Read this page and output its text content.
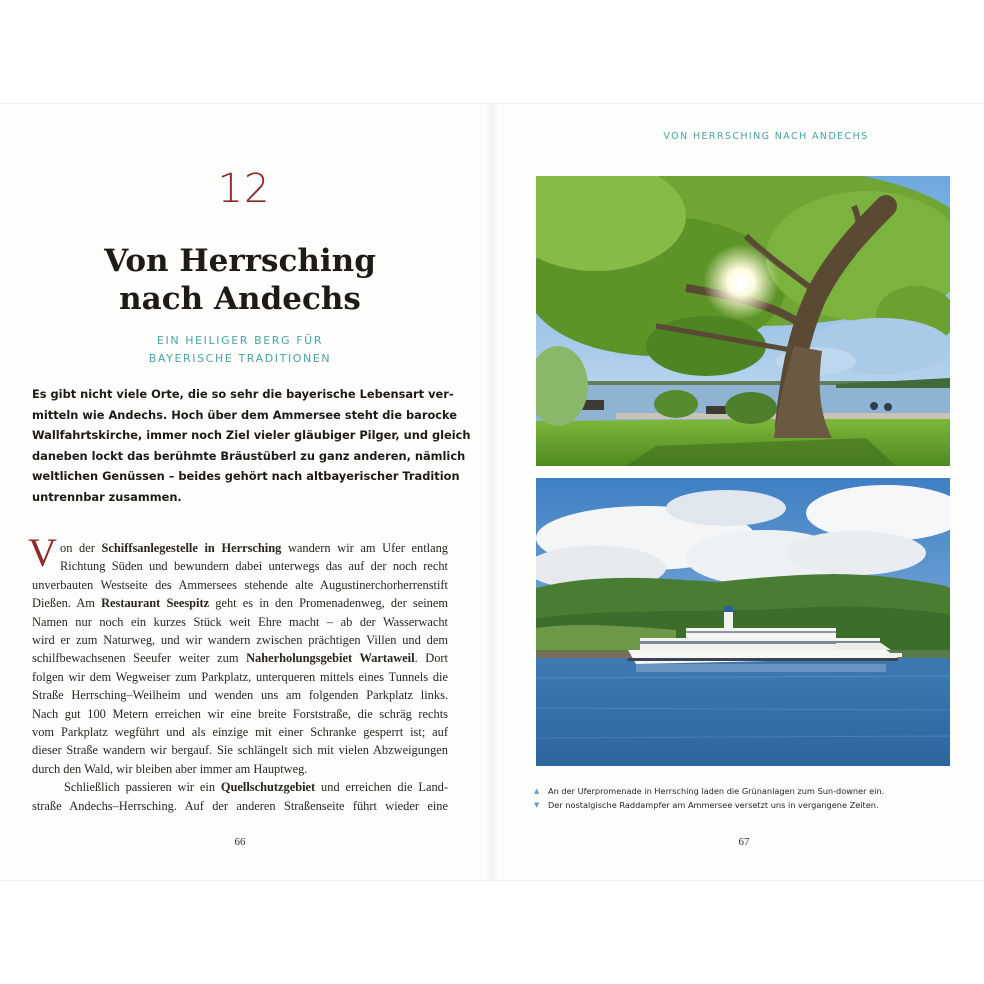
12
Von Herrsching
nach Andechs
EIN HEILIGER BERG FÜR
BAYERISCHE TRADITIONEN
Es gibt nicht viele Orte, die so sehr die bayerische Lebensart ver-
mitteln wie Andechs. Hoch über dem Ammersee steht die barocke
Wallfahrtskirche, immer noch Ziel vieler gläubiger Pilger, und gleich
daneben lockt das berühmte Bräustüberl zu ganz anderen, nämlich
weltlichen Genüssen – beides gehört nach altbayerischer Tradition
untrennbar zusammen.
V on der Schiffsanlegestelle in Herrsching wandern wir am Ufer entlang
Richtung Süden und bewundern dabei unterwegs das auf der noch recht
unverbauten Westseite des Ammersees stehende alte Augustinerchorherrenstift
Dießen. Am Restaurant Seespitz geht es in den Promenadenweg, der seinem
Namen nur noch ein kurzes Stück weit Ehre macht – ab der Wasserwacht
wird er zum Naturweg, und wir wandern zwischen prächtigen Villen und dem
schilfbewachsenen Seeufer weiter zum Naherholungsgebiet Wartaweil. Dort
folgen wir dem Wegweiser zum Parkplatz, unterqueren mittels eines Tunnels die
Straße Herrsching–Weilheim und wenden uns am folgenden Parkplatz links.
Nach gut 100 Metern erreichen wir eine breite Forststraße, die schräg rechts
vom Parkplatz wegführt und als einzige mit einer Schranke gesperrt ist; auf
dieser Straße wandern wir bergauf. Sie schlängelt sich mit vielen Abzweigungen
durch den Wald, wir bleiben aber immer am Hauptweg.
Schließlich passieren wir ein Quellschutzgebiet und erreichen die Land-
straße Andechs–Herrsching. Auf der anderen Straßenseite führt wieder eine
66
VON HERRSCHING NACH ANDECHS
▲	An der Uferpromenade in Herrsching laden die Grünanlagen zum Sun-downer ein.
▼	Der nostalgische Raddampfer am Ammersee versetzt uns in vergangene Zeiten.
67
